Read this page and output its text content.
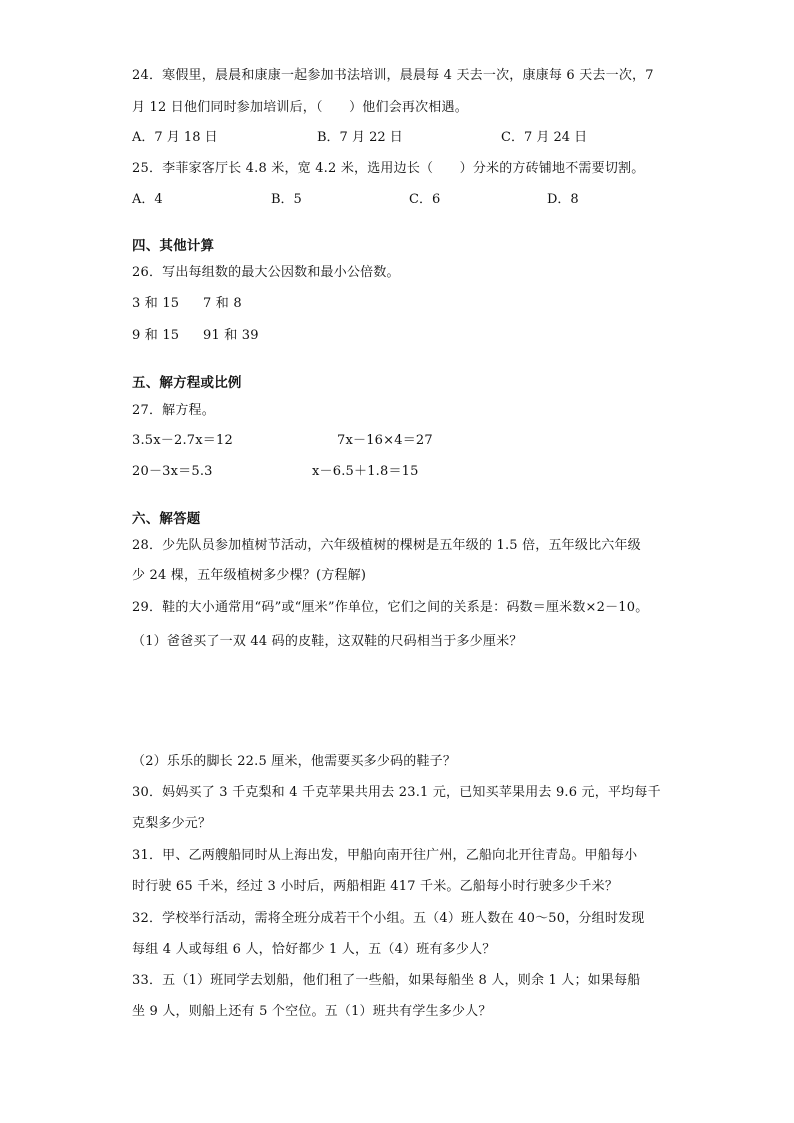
24．寒假里，晨晨和康康一起参加书法培训，晨晨每 4 天去一次，康康每 6 天去一次，7
月 12 日他们同时参加培训后，（　　）他们会再次相遇。
A．7 月 18 日	B．7 月 22 日	C．7 月 24 日
25．李菲家客厅长 4.8 米，宽 4.2 米，选用边长（　　）分米的方砖铺地不需要切割。
A．4	B．5	C．6	D．8
四、其他计算
26．写出每组数的最大公因数和最小公倍数。
3 和 15 7 和 8
9 和 15 91 和 39
五、解方程或比例
27．解方程。
3.5x－2.7x＝12	7x－16×4＝27
20－3x＝5.3	x－6.5＋1.8＝15
六、解答题
28．少先队员参加植树节活动，六年级植树的棵树是五年级的 1.5 倍，五年级比六年级
少 24 棵，五年级植树多少棵？(方程解)
29．鞋的大小通常用“码”或“厘米”作单位，它们之间的关系是：码数＝厘米数×2－10。
（1）爸爸买了一双 44 码的皮鞋，这双鞋的尺码相当于多少厘米？
（2）乐乐的脚长 22.5 厘米，他需要买多少码的鞋子？
30．妈妈买了 3 千克梨和 4 千克苹果共用去 23.1 元，已知买苹果用去 9.6 元，平均每千
克梨多少元？
31．甲、乙两艘船同时从上海出发，甲船向南开往广州，乙船向北开往青岛。甲船每小
时行驶 65 千米，经过 3 小时后，两船相距 417 千米。乙船每小时行驶多少千米？
32．学校举行活动，需将全班分成若干个小组。五（4）班人数在 40～50，分组时发现
每组 4 人或每组 6 人，恰好都少 1 人，五（4）班有多少人？
33．五（1）班同学去划船，他们租了一些船，如果每船坐 8 人，则余 1 人；如果每船
坐 9 人，则船上还有 5 个空位。五（1）班共有学生多少人？
